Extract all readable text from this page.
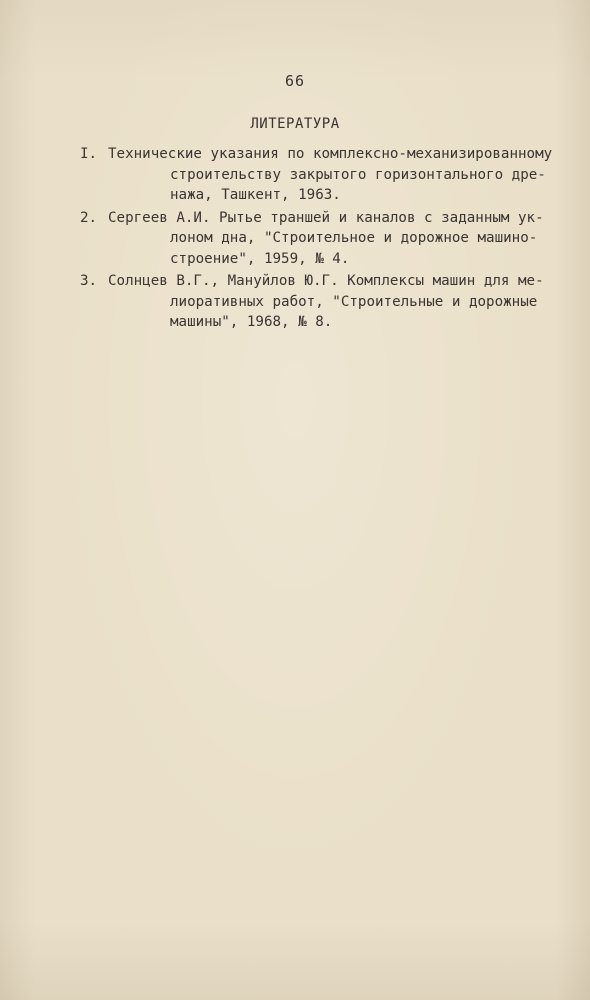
66
ЛИТЕРАТУРА
I. Технические указания по комплексно-механизированному
строительству закрытого горизонтального дре-
нажа, Ташкент, 1963.
2. Сергеев А.И. Рытье траншей и каналов с заданным ук-
лоном дна, "Строительное и дорожное машино-
строение", 1959, № 4.
3. Солнцев В.Г., Мануйлов Ю.Г. Комплексы машин для ме-
лиоративных работ, "Строительные и дорожные
машины", 1968, № 8.
